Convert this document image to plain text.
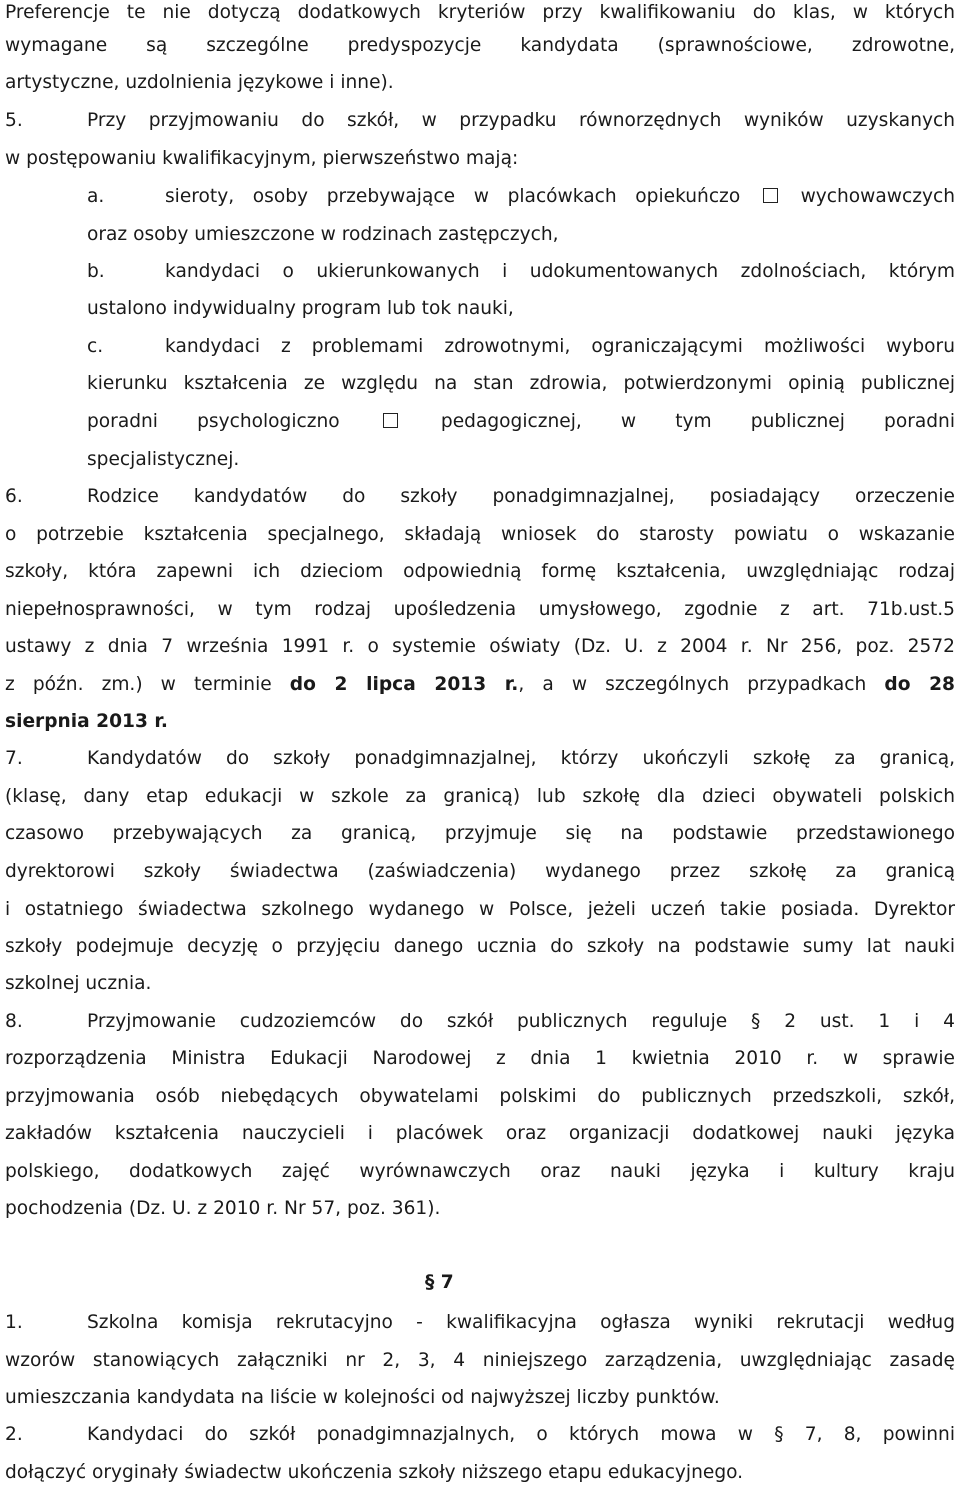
Preferencje te nie dotyczą dodatkowych kryteriów przy kwalifikowaniu do klas, w których
wymagane są szczególne predyspozycje kandydata (sprawnościowe, zdrowotne,
artystyczne, uzdolnienia językowe i inne).
5.	Przy przyjmowaniu do szkół, w przypadku równorzędnych wyników uzyskanych
w postępowaniu kwalifikacyjnym, pierwszeństwo mają:
a.	sieroty, osoby przebywające w placówkach opiekuńczo	wychowawczych
oraz osoby umieszczone w rodzinach zastępczych,
b.	kandydaci o ukierunkowanych i udokumentowanych zdolnościach, którym
ustalono indywidualny program lub tok nauki,
c.	kandydaci z problemami zdrowotnymi, ograniczającymi możliwości wyboru
kierunku kształcenia ze względu na stan zdrowia, potwierdzonymi opinią publicznej
poradni psychologiczno	pedagogicznej, w tym publicznej poradni
specjalistycznej.
6.	Rodzice kandydatów do szkoły ponadgimnazjalnej, posiadający orzeczenie
o potrzebie kształcenia specjalnego, składają wniosek do starosty powiatu o wskazanie
szkoły, która zapewni ich dzieciom odpowiednią formę kształcenia, uwzględniając rodzaj
niepełnosprawności, w tym rodzaj upośledzenia umysłowego, zgodnie z art. 71b.ust.5
ustawy z dnia 7 września 1991 r. o systemie oświaty (Dz. U. z 2004 r. Nr 256, poz. 2572
z późn. zm.) w terminie do 2 lipca 2013 r., a w szczególnych przypadkach do 28
sierpnia 2013 r.
7.	Kandydatów do szkoły ponadgimnazjalnej, którzy ukończyli szkołę za granicą,
(klasę, dany etap edukacji w szkole za granicą) lub szkołę dla dzieci obywateli polskich
czasowo przebywających za granicą, przyjmuje się na podstawie przedstawionego
dyrektorowi szkoły świadectwa (zaświadczenia) wydanego przez szkołę za granicą
i ostatniego świadectwa szkolnego wydanego w Polsce, jeżeli uczeń takie posiada. Dyrektor
szkoły podejmuje decyzję o przyjęciu danego ucznia do szkoły na podstawie sumy lat nauki
szkolnej ucznia.
8.	Przyjmowanie cudzoziemców do szkół publicznych reguluje § 2 ust. 1 i 4
rozporządzenia Ministra Edukacji Narodowej z dnia 1 kwietnia 2010 r. w sprawie
przyjmowania osób niebędących obywatelami polskimi do publicznych przedszkoli, szkół,
zakładów kształcenia nauczycieli i placówek oraz organizacji dodatkowej nauki języka
polskiego, dodatkowych zajęć wyrównawczych oraz nauki języka i kultury kraju
pochodzenia (Dz. U. z 2010 r. Nr 57, poz. 361).
§ 7
1.	Szkolna komisja rekrutacyjno - kwalifikacyjna ogłasza wyniki rekrutacji według
wzorów stanowiących załączniki nr 2, 3, 4 niniejszego zarządzenia, uwzględniając zasadę
umieszczania kandydata na liście w kolejności od najwyższej liczby punktów.
2.	Kandydaci do szkół ponadgimnazjalnych, o których mowa w § 7, 8, powinni
dołączyć oryginały świadectw ukończenia szkoły niższego etapu edukacyjnego.
